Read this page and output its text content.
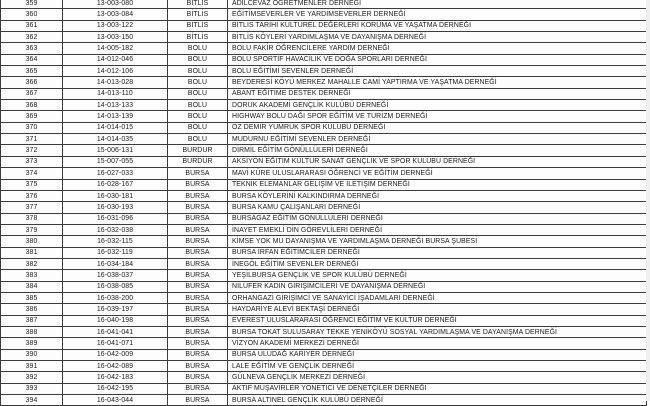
359	13-003-080	BİTLİS	ADİLCEVAZ ÖĞRETMENLER DERNEĞİ
360	13-003-084	BİTLİS	EĞİTİMSEVERLER VE YARDIMSEVERLER DERNEĞİ
361	13-003-122	BİTLİS	BİTLİS TARİHİ KÜLTÜREL DEĞERLERİ KORUMA VE YAŞATMA DERNEĞİ
362	13-003-150	BİTLİS	BİTLİS KÖYLERİ YARDIMLAŞMA VE DAYANIŞMA DERNEĞİ
363	14-005-182	BOLU	BOLU FAKİR ÖĞRENCİLERE YARDIM DERNEĞİ
364	14-012-046	BOLU	BOLU SPORTİF HAVACILIK VE DOĞA SPORLARI DERNEĞİ
365	14-012-106	BOLU	BOLU EĞİTİMİ SEVENLER DERNEĞİ
366	14-013-028	BOLU	BEYDERESİ KÖYÜ MERKEZ MAHALLE CAMİ YAPTIRMA VE YAŞATMA DERNEĞİ
367	14-013-110	BOLU	ABANT EĞİTİME DESTEK DERNEĞİ
368	14-013-133	BOLU	DORUK AKADEMİ GENÇLİK KULÜBÜ DERNEĞİ
369	14-013-139	BOLU	HIGHWAY BOLU DAĞI SPOR EĞİTİM VE TURİZM DERNEĞİ
370	14-014-015	BOLU	ÖZ DEMİR YUMRUK SPOR KULÜBÜ DERNEĞİ
371	14-014-035	BOLU	MUDURNU EĞİTİMİ SEVENLER DERNEĞİ
372	15-006-131	BURDUR	DİRMİL EĞİTİM GÖNÜLLÜLERİ DERNEĞİ
373	15-007-055	BURDUR	AKSİYON EĞİTİM KÜLTÜR SANAT GENÇLİK VE SPOR KULÜBÜ DERNEĞİ
374	16-027-033	BURSA	MAVİ KÜRE ULUSLARARASI ÖĞRENCİ VE EĞİTİM DERNEĞİ
375	16-028-167	BURSA	TEKNİK ELEMANLAR GELİŞİM VE İLETİŞİM DERNEĞİ
376	16-030-181	BURSA	BURSA KÖYLERİNİ KALKINDIRMA DERNEĞİ
377	16-030-193	BURSA	BURSA KAMU ÇALIŞANLARI DERNEĞİ
378	16-031-096	BURSA	BURSAGAZ EĞİTİM GÖNÜLLÜLERİ DERNEĞİ
379	16-032-038	BURSA	İNAYET EMEKLİ DİN GÖREVLİLERİ DERNEĞİ
380	16-032-115	BURSA	KİMSE YOK MU DAYANIŞMA VE YARDIMLAŞMA DERNEĞİ BURSA ŞUBESİ
381	16-032-119	BURSA	BURSA İRFAN EĞİTİMCİLER DERNEĞİ
382	16-034-184	BURSA	İNEGÖL EĞİTİM SEVENLER DERNEĞİ
383	16-038-037	BURSA	YEŞİLBURSA GENÇLİK VE SPOR KULÜBÜ DERNEĞİ
384	16-038-085	BURSA	NİLÜFER KADIN GİRİŞİMCİLERİ VE DAYANIŞMA DERNEĞİ
385	16-038-200	BURSA	ORHANGAZİ GİRİŞİMCİ VE SANAYİCİ İŞADAMLARI DERNEĞİ
386	16-039-197	BURSA	HAYDARİYE ALEVİ BEKTAŞİ DERNEĞİ
387	16-040-198	BURSA	EVEREST ULUSLARARASI ÖĞRENCİ EĞİTİM VE KÜLTÜR DERNEĞİ
388	16-041-041	BURSA	BURSA TOKAT SULUSARAY TEKKE YENİKÖYÜ SOSYAL YARDIMLAŞMA VE DAYANIŞMA DERNEĞİ
389	16-041-071	BURSA	VİZYON AKADEMİ MERKEZİ DERNEĞİ
390	16-042-009	BURSA	BURSA ULUDAĞ KARİYER DERNEĞİ
391	16-042-089	BURSA	LALE EĞİTİM VE GENÇLİK DERNEĞİ
392	16-042-183	BURSA	GÜLNEVA GENÇLİK MERKEZİ DERNEĞİ
393	16-042-195	BURSA	AKTİF MÜŞAVİRLER YÖNETİCİ VE DENETÇİLER DERNEĞİ
394	16-043-044	BURSA	BURSA ALTINEL GENÇLİK KULÜBÜ DERNEĞİ
